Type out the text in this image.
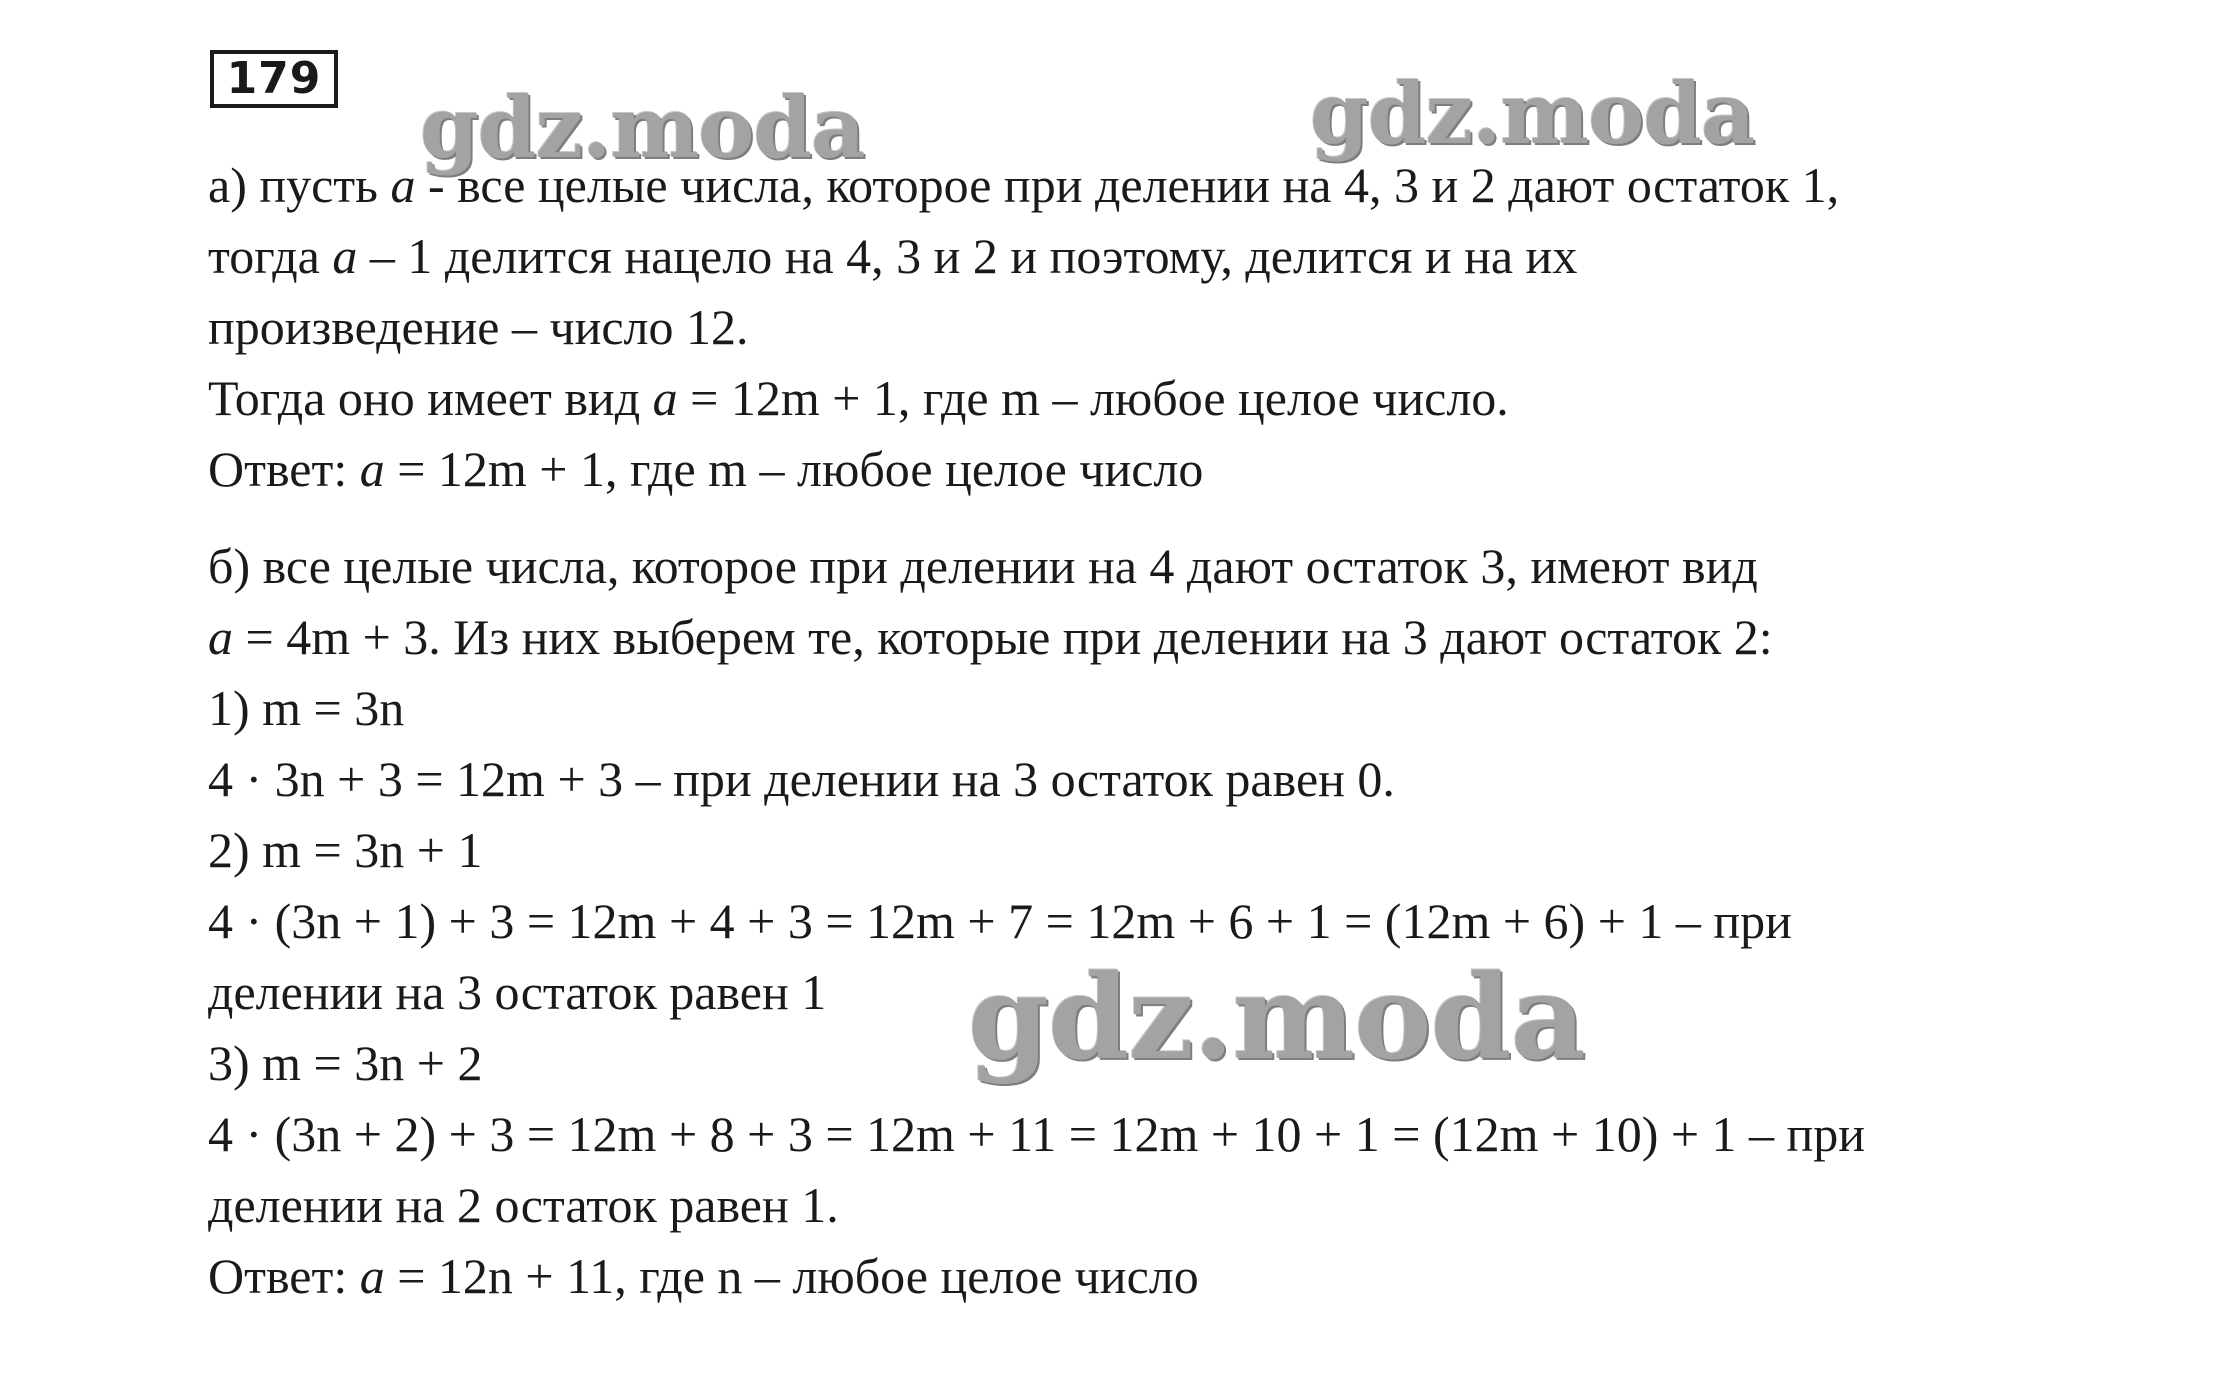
179 gdz.moda	gdz.moda
gdz.moda
а) пусть a - все целые числа, которое при делении на 4, 3 и 2 дают остаток 1,
тогда a – 1 делится нацело на 4, 3 и 2 и поэтому, делится и на их
произведение – число 12.
Тогда оно имеет вид a = 12m + 1, где m – любое целое число.
Ответ: a = 12m + 1, где m – любое целое число
б) все целые числа, которое при делении на 4 дают остаток 3, имеют вид
a = 4m + 3. Из них выберем те, которые при делении на 3 дают остаток 2:
1) m = 3n
4 · 3n + 3 = 12m + 3 – при делении на 3 остаток равен 0.
2) m = 3n + 1
4 · (3n + 1) + 3 = 12m + 4 + 3 = 12m + 7 = 12m + 6 + 1 = (12m + 6) + 1 – при
делении на 3 остаток равен 1
3) m = 3n + 2
4 · (3n + 2) + 3 = 12m + 8 + 3 = 12m + 11 = 12m + 10 + 1 = (12m + 10) + 1 – при
делении на 2 остаток равен 1.
Ответ: a = 12n + 11, где n – любое целое число
